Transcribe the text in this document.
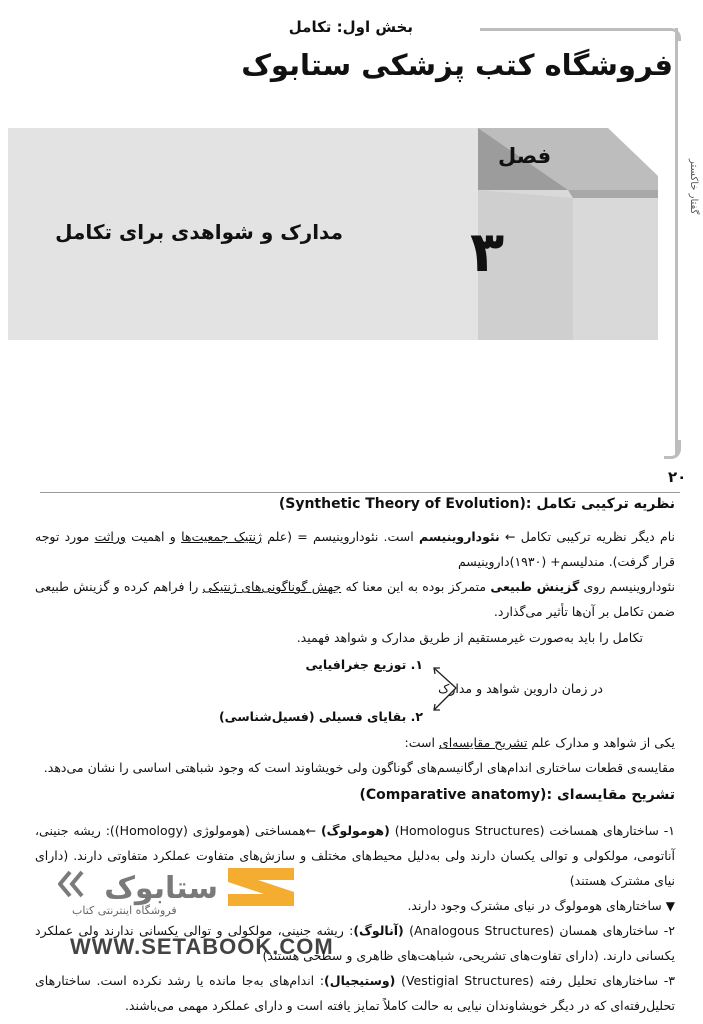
بخش اول: تکامل
فروشگاه کتب پزشکی ستابوک
گفتار خاکستر
۲۰
فصل
۳
مدارک و شواهدی برای تکامل
نظریه ترکیبی تکامل (Synthetic Theory of Evolution):
نام دیگر نظریه ترکیبی تکامل ← نئوداروینیسم است. نئوداروینیسم = (علم ژنتیک جمعیت‌ها و اهمیت وراثت مورد توجه قرار گرفت). مندلیسم+ (۱۹۳۰)داروینیسم
نئوداروینیسم روی گزینش طبیعی متمرکز بوده به این معنا که جهش گوناگونی‌های ژنتیکی را فراهم کرده و گزینش طبیعی ضمن تکامل بر آن‌ها تأثیر می‌گذارد.
تکامل را باید به‌صورت غیرمستقیم از طریق مدارک و شواهد فهمید.
۱. توزیع جغرافیایی
در زمان داروین شواهد و مدارک
۲. بقایای فسیلی (فسیل‌شناسی)
یکی از شواهد و مدارک علم تشریح مقایسه‌ای است:
مقایسه‌ی قطعات ساختاری اندام‌های ارگانیسم‌های گوناگون ولی خویشاوند است که وجود شباهتی اساسی را نشان می‌دهد.
تشریح مقایسه‌ای (Comparative anatomy):
۱- ساختارهای همساخت (Homologus Structures) (هومولوگ) ←همساختی (هومولوژی (Homology)): ریشه جنینی، آناتومی، مولکولی و توالی یکسان دارند ولی به‌دلیل محیط‌های مختلف و سازش‌های متفاوت عملکرد متفاوتی دارند. (دارای نیای مشترک هستند)
▼ ساختارهای هومولوگ در نیای مشترک وجود دارند.
۲- ساختارهای همسان (Analogous Structures) (آنالوگ): ریشه جنینی، مولکولی و توالی یکسانی ندارند ولی عملکرد یکسانی دارند. (دارای تفاوت‌های تشریحی، شباهت‌های ظاهری و سطحی هستند)
۳- ساختارهای تحلیل رفته (Vestigial Structures) (وستیجیال): اندام‌های به‌جا مانده یا رشد نکرده است. ساختارهای تحلیل‌رفته‌ای که در دیگر خویشاوندان نیایی به حالت کاملاً تمایز یافته است و دارای عملکرد مهمی می‌باشند.
ستابوک
فروشگاه اینترنتی کتاب
WWW.SETABOOK.COM
